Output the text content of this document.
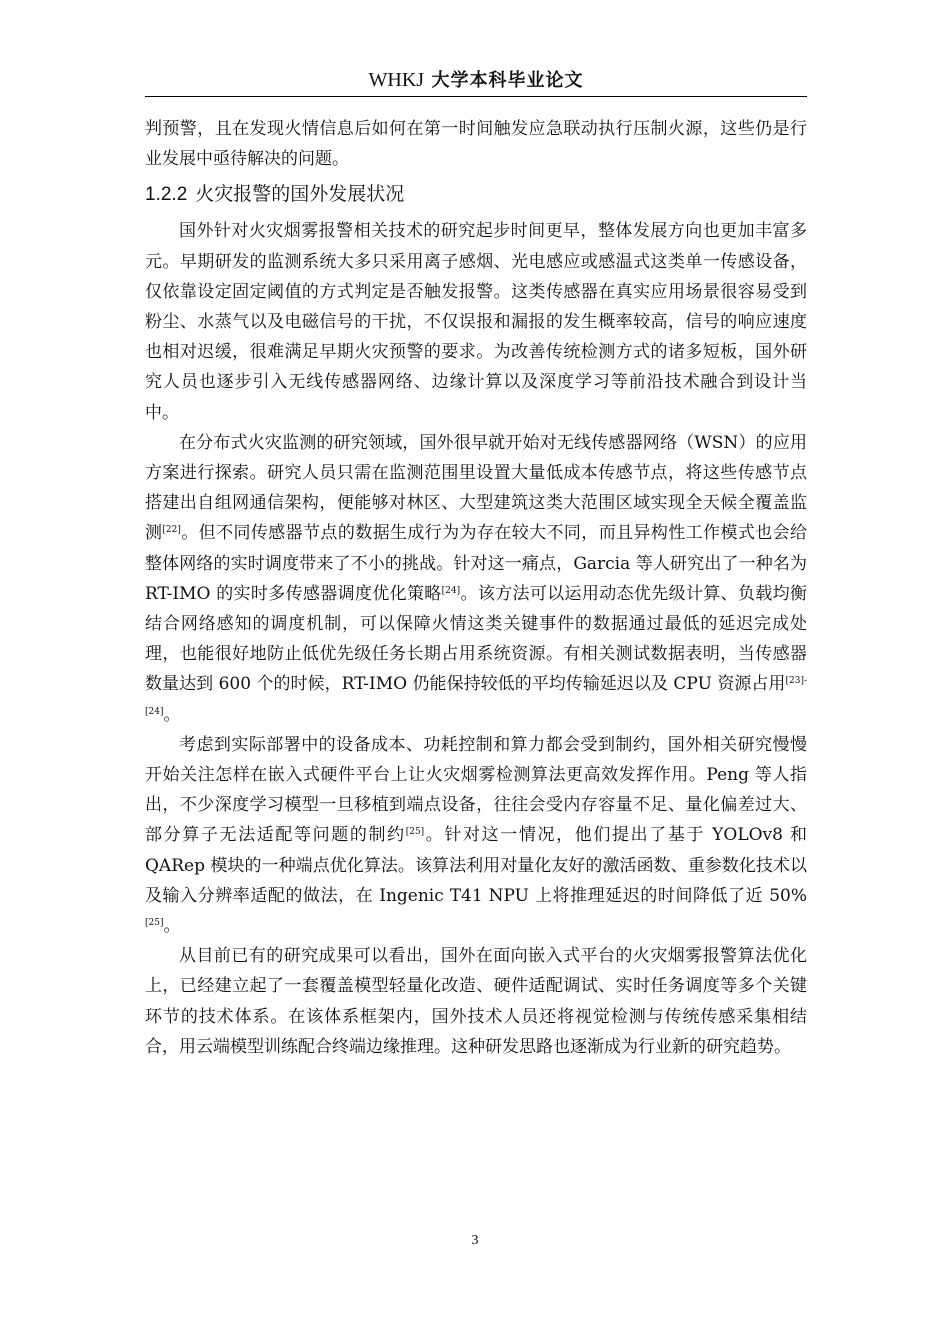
WHKJ 大学本科毕业论文

判预警，且在发现火情信息后如何在第一时间触发应急联动执行压制火源，这些仍是行业发展中亟待解决的问题。

1.2.2 火灾报警的国外发展状况

国外针对火灾烟雾报警相关技术的研究起步时间更早，整体发展方向也更加丰富多元。早期研发的监测系统大多只采用离子感烟、光电感应或感温式这类单一传感设备，仅依靠设定固定阈值的方式判定是否触发报警。这类传感器在真实应用场景很容易受到粉尘、水蒸气以及电磁信号的干扰，不仅误报和漏报的发生概率较高，信号的响应速度也相对迟缓，很难满足早期火灾预警的要求。为改善传统检测方式的诸多短板，国外研究人员也逐步引入无线传感器网络、边缘计算以及深度学习等前沿技术融合到设计当中。

在分布式火灾监测的研究领域，国外很早就开始对无线传感器网络（WSN）的应用方案进行探索。研究人员只需在监测范围里设置大量低成本传感节点，将这些传感节点搭建出自组网通信架构，便能够对林区、大型建筑这类大范围区域实现全天候全覆盖监测[22]。但不同传感器节点的数据生成行为为存在较大不同，而且异构性工作模式也会给整体网络的实时调度带来了不小的挑战。针对这一痛点，Garcia 等人研究出了一种名为 RT-IMO 的实时多传感器调度优化策略[24]。该方法可以运用动态优先级计算、负载均衡结合网络感知的调度机制，可以保障火情这类关键事件的数据通过最低的延迟完成处理，也能很好地防止低优先级任务长期占用系统资源。有相关测试数据表明，当传感器数量达到 600 个的时候，RT-IMO 仍能保持较低的平均传输延迟以及 CPU 资源占用[23]-[24]。

考虑到实际部署中的设备成本、功耗控制和算力都会受到制约，国外相关研究慢慢开始关注怎样在嵌入式硬件平台上让火灾烟雾检测算法更高效发挥作用。Peng 等人指出，不少深度学习模型一旦移植到端点设备，往往会受内存容量不足、量化偏差过大、部分算子无法适配等问题的制约[25]。针对这一情况，他们提出了基于 YOLOv8 和 QARep 模块的一种端点优化算法。该算法利用对量化友好的激活函数、重参数化技术以及输入分辨率适配的做法，在 Ingenic T41 NPU 上将推理延迟的时间降低了近 50%[25]。

从目前已有的研究成果可以看出，国外在面向嵌入式平台的火灾烟雾报警算法优化上，已经建立起了一套覆盖模型轻量化改造、硬件适配调试、实时任务调度等多个关键环节的技术体系。在该体系框架内，国外技术人员还将视觉检测与传统传感采集相结合，用云端模型训练配合终端边缘推理。这种研发思路也逐渐成为行业新的研究趋势。

3
